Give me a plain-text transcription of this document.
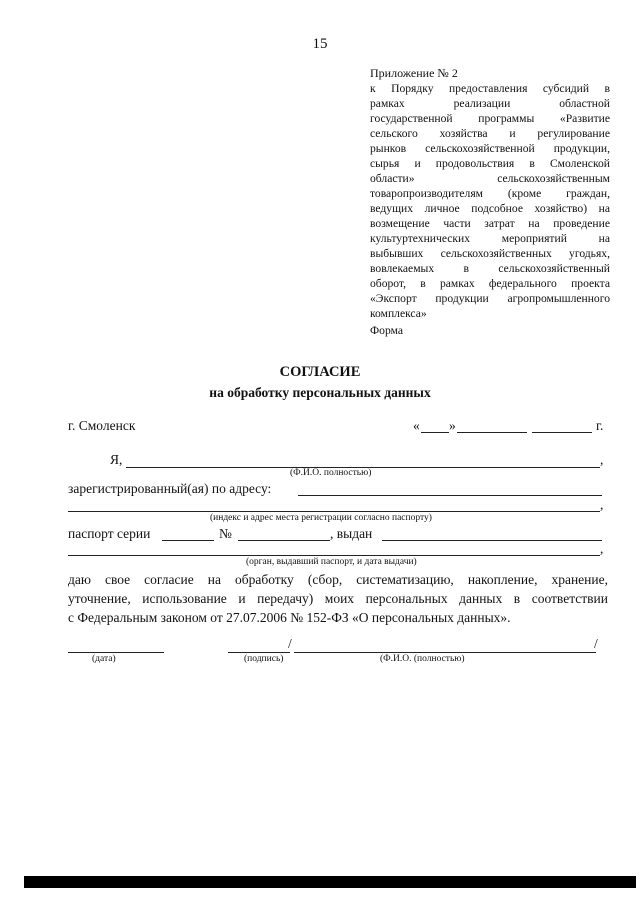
15
Приложение № 2
к Порядку предоставления субсидий в
рамках реализации областной
государственной программы «Развитие
сельского хозяйства и регулирование
рынков сельскохозяйственной продукции,
сырья и продовольствия в Смоленской
области» сельскохозяйственным
товаропроизводителям (кроме граждан,
ведущих личное подсобное хозяйство) на
возмещение части затрат на проведение
культуртехнических мероприятий на
выбывших сельскохозяйственных угодьях,
вовлекаемых в сельскохозяйственный
оборот, в рамках федерального проекта
«Экспорт продукции агропромышленного
комплекса»
Форма
СОГЛАСИЕ
на обработку персональных данных
г. Смоленск	« »	г.
Я,	,
(Ф.И.О. полностью)
зарегистрированный(ая) по адресу:
,
(индекс и адрес места регистрации согласно паспорту)
паспорт серии	№	, выдан
,
(орган, выдавший паспорт, и дата выдачи)
даю свое согласие на обработку (сбор, систематизацию, накопление, хранение,
уточнение, использование и передачу) моих персональных данных в соответствии
с Федеральным законом от 27.07.2006 № 152-ФЗ «О персональных данных».
(дата)
/	/
(подпись)	(Ф.И.О. (полностью)
